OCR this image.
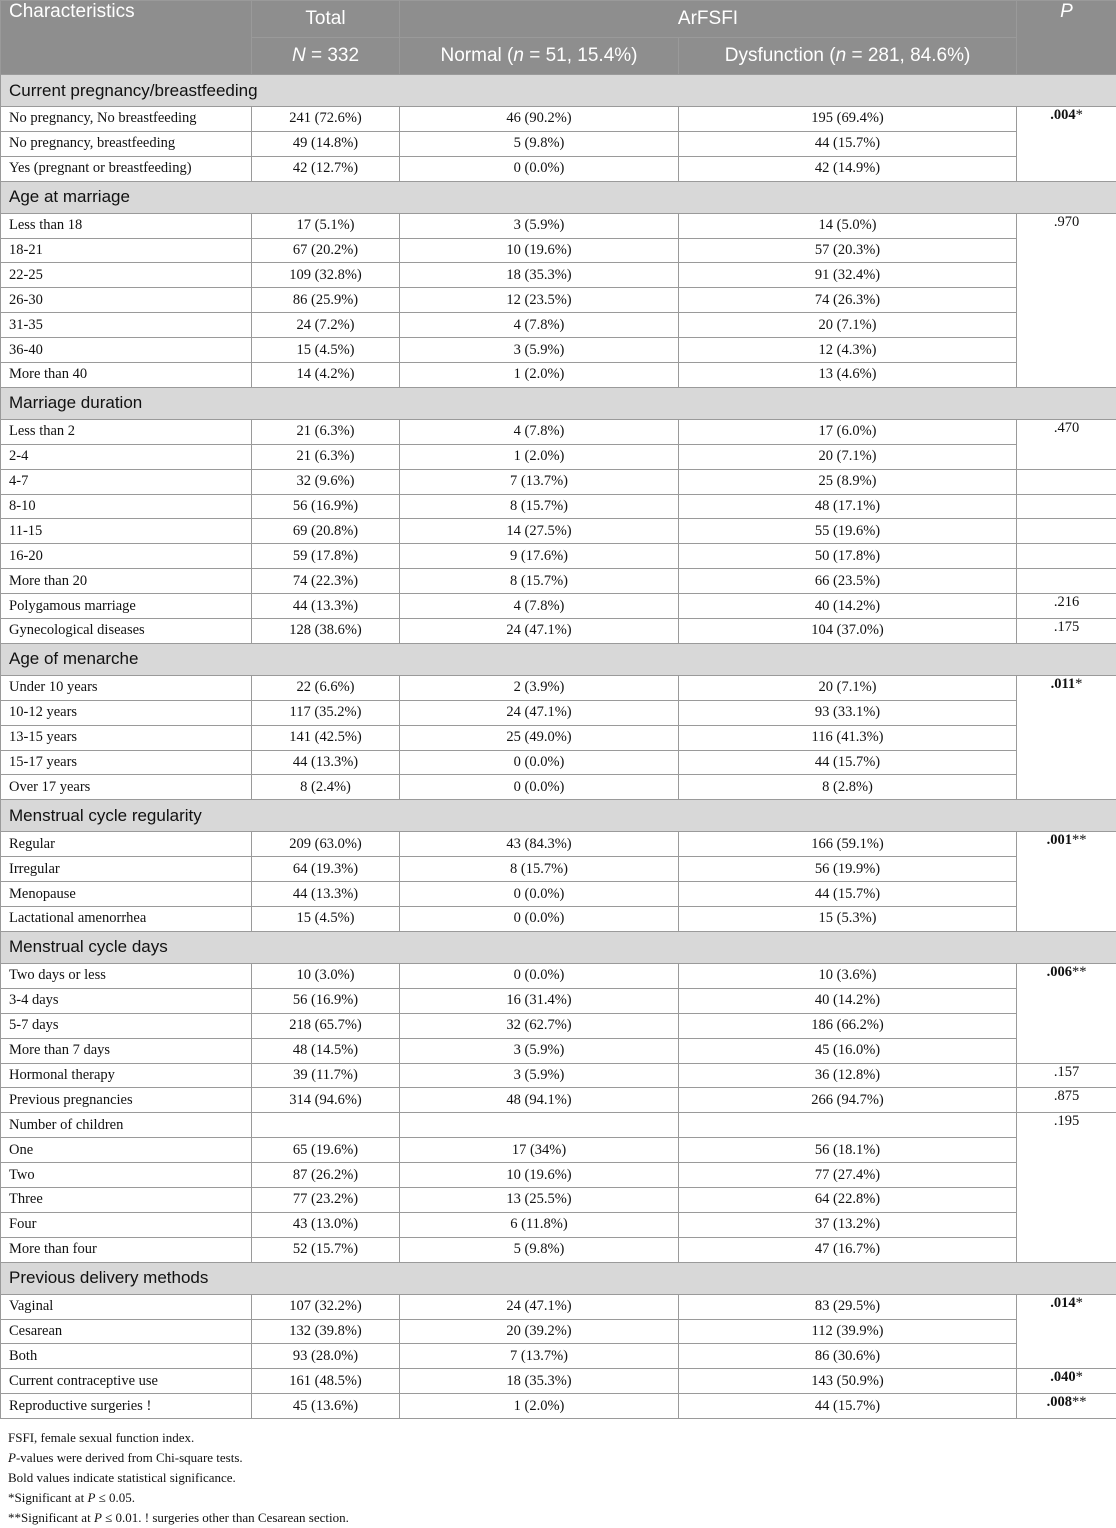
Characteristics	Total	ArFSFI		P
	N = 332	Normal (n = 51, 15.4%)	Dysfunction (n = 281, 84.6%)	
Current pregnancy/breastfeeding				
No pregnancy, No breastfeeding	241 (72.6%)	46 (90.2%)	195 (69.4%)	.004*
No pregnancy, breastfeeding	49 (14.8%)	5 (9.8%)	44 (15.7%)	
Yes (pregnant or breastfeeding)	42 (12.7%)	0 (0.0%)	42 (14.9%)	
Age at marriage				
Less than 18	17 (5.1%)	3 (5.9%)	14 (5.0%)	.970
18-21	67 (20.2%)	10 (19.6%)	57 (20.3%)	
22-25	109 (32.8%)	18 (35.3%)	91 (32.4%)	
26-30	86 (25.9%)	12 (23.5%)	74 (26.3%)	
31-35	24 (7.2%)	4 (7.8%)	20 (7.1%)	
36-40	15 (4.5%)	3 (5.9%)	12 (4.3%)	
More than 40	14 (4.2%)	1 (2.0%)	13 (4.6%)	
Marriage duration				
Less than 2	21 (6.3%)	4 (7.8%)	17 (6.0%)	.470
2-4	21 (6.3%)	1 (2.0%)	20 (7.1%)	
4-7	32 (9.6%)	7 (13.7%)	25 (8.9%)	
8-10	56 (16.9%)	8 (15.7%)	48 (17.1%)	
11-15	69 (20.8%)	14 (27.5%)	55 (19.6%)	
16-20	59 (17.8%)	9 (17.6%)	50 (17.8%)	
More than 20	74 (22.3%)	8 (15.7%)	66 (23.5%)	
Polygamous marriage	44 (13.3%)	4 (7.8%)	40 (14.2%)	.216
Gynecological diseases	128 (38.6%)	24 (47.1%)	104 (37.0%)	.175
Age of menarche				
Under 10 years	22 (6.6%)	2 (3.9%)	20 (7.1%)	.011*
10-12 years	117 (35.2%)	24 (47.1%)	93 (33.1%)	
13-15 years	141 (42.5%)	25 (49.0%)	116 (41.3%)	
15-17 years	44 (13.3%)	0 (0.0%)	44 (15.7%)	
Over 17 years	8 (2.4%)	0 (0.0%)	8 (2.8%)	
Menstrual cycle regularity				
Regular	209 (63.0%)	43 (84.3%)	166 (59.1%)	.001**
Irregular	64 (19.3%)	8 (15.7%)	56 (19.9%)	
Menopause	44 (13.3%)	0 (0.0%)	44 (15.7%)	
Lactational amenorrhea	15 (4.5%)	0 (0.0%)	15 (5.3%)	
Menstrual cycle days				
Two days or less	10 (3.0%)	0 (0.0%)	10 (3.6%)	.006**
3-4 days	56 (16.9%)	16 (31.4%)	40 (14.2%)	
5-7 days	218 (65.7%)	32 (62.7%)	186 (66.2%)	
More than 7 days	48 (14.5%)	3 (5.9%)	45 (16.0%)	
Hormonal therapy	39 (11.7%)	3 (5.9%)	36 (12.8%)	.157
Previous pregnancies	314 (94.6%)	48 (94.1%)	266 (94.7%)	.875
Number of children				.195
One	65 (19.6%)	17 (34%)	56 (18.1%)	
Two	87 (26.2%)	10 (19.6%)	77 (27.4%)	
Three	77 (23.2%)	13 (25.5%)	64 (22.8%)	
Four	43 (13.0%)	6 (11.8%)	37 (13.2%)	
More than four	52 (15.7%)	5 (9.8%)	47 (16.7%)	
Previous delivery methods				
Vaginal	107 (32.2%)	24 (47.1%)	83 (29.5%)	.014*
Cesarean	132 (39.8%)	20 (39.2%)	112 (39.9%)	
Both	93 (28.0%)	7 (13.7%)	86 (30.6%)	
Current contraceptive use	161 (48.5%)	18 (35.3%)	143 (50.9%)	.040*
Reproductive surgeries !	45 (13.6%)	1 (2.0%)	44 (15.7%)	.008**
FSFI, female sexual function index.
P-values were derived from Chi-square tests.
Bold values indicate statistical significance.
*Significant at P ≤ 0.05.
**Significant at P ≤ 0.01. ! surgeries other than Cesarean section.
